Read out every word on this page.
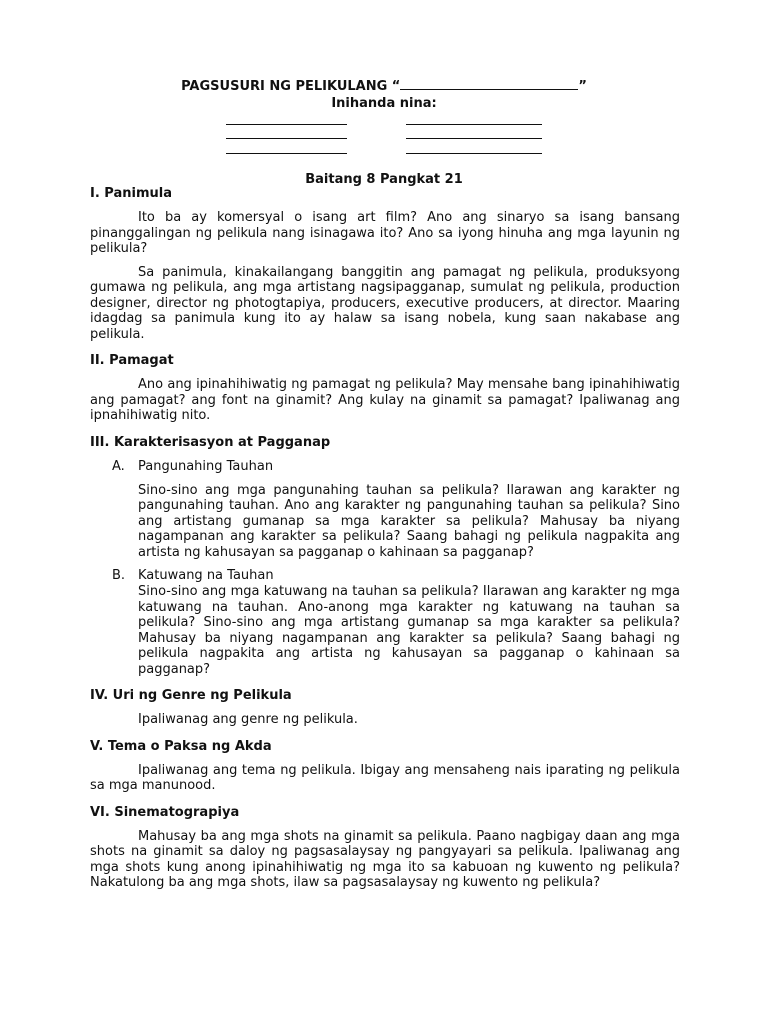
PAGSUSURI NG PELIKULANG “	”
Inihanda nina:
Baitang 8 Pangkat 21
I. Panimula

Ito ba ay komersyal o isang art film? Ano ang sinaryo sa isang bansang pinanggalingan ng pelikula nang isinagawa ito? Ano sa iyong hinuha ang mga layunin ng pelikula?

Sa panimula, kinakailangang banggitin ang pamagat ng pelikula, produksyong gumawa ng pelikula, ang mga artistang nagsipagganap, sumulat ng pelikula, production designer, director ng photogtapiya, producers, executive producers, at director. Maaring idagdag sa panimula kung ito ay halaw sa isang nobela, kung saan nakabase ang pelikula.

II. Pamagat

Ano ang ipinahihiwatig ng pamagat ng pelikula? May mensahe bang ipinahihiwatig ang pamagat? ang font na ginamit? Ang kulay na ginamit sa pamagat? Ipaliwanag ang ipnahihiwatig nito.

III. Karakterisasyon at Pagganap
A. Pangunahing Tauhan

Sino-sino ang mga pangunahing tauhan sa pelikula? Ilarawan ang karakter ng pangunahing tauhan. Ano ang karakter ng pangunahing tauhan sa pelikula? Sino ang artistang gumanap sa mga karakter sa pelikula? Mahusay ba niyang nagampanan ang karakter sa pelikula? Saang bahagi ng pelikula nagpakita ang artista ng kahusayan sa pagganap o kahinaan sa pagganap?

B. Katuwang na Tauhan

Sino-sino ang mga katuwang na tauhan sa pelikula? Ilarawan ang karakter ng mga katuwang na tauhan. Ano-anong mga karakter ng katuwang na tauhan sa pelikula? Sino-sino ang mga artistang gumanap sa mga karakter sa pelikula? Mahusay ba niyang nagampanan ang karakter sa pelikula? Saang bahagi ng pelikula nagpakita ang artista ng kahusayan sa pagganap o kahinaan sa pagganap?

IV. Uri ng Genre ng Pelikula

Ipaliwanag ang genre ng pelikula.

V. Tema o Paksa ng Akda

Ipaliwanag ang tema ng pelikula. Ibigay ang mensaheng nais iparating ng pelikula sa mga manunood.

VI. Sinematograpiya

Mahusay ba ang mga shots na ginamit sa pelikula. Paano nagbigay daan ang mga shots na ginamit sa daloy ng pagsasalaysay ng pangyayari sa pelikula. Ipaliwanag ang mga shots kung anong ipinahihiwatig ng mga ito sa kabuoan ng kuwento ng pelikula? Nakatulong ba ang mga shots, ilaw sa pagsasalaysay ng kuwento ng pelikula?
